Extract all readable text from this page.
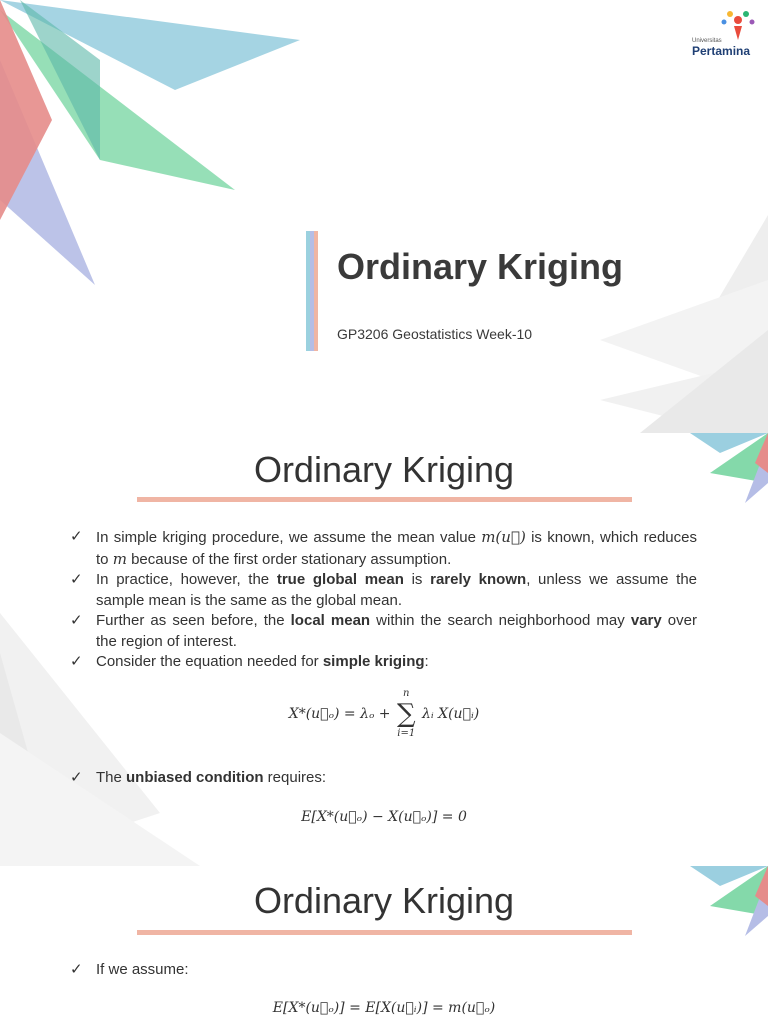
Ordinary Kriging
GP3206 Geostatistics Week-10
Universitas
Pertamina
Ordinary Kriging
✓ In simple kriging procedure, we assume the mean value m(u⃗) is known, which reduces to m because of the first order stationary assumption.
✓ In practice, however, the true global mean is rarely known, unless we assume the sample mean is the same as the global mean.
✓ Further as seen before, the local mean within the search neighborhood may vary over the region of interest.
✓ Consider the equation needed for simple kriging:
X*(u⃗ₒ) = λₒ +
n
∑
i=1
λᵢ X(u⃗ᵢ)
✓ The unbiased condition requires:
E[X*(u⃗ₒ) − X(u⃗ₒ)] = 0
Ordinary Kriging
✓ If we assume:
E[X*(u⃗ₒ)] = E[X(u⃗ᵢ)] = m(u⃗ₒ)
